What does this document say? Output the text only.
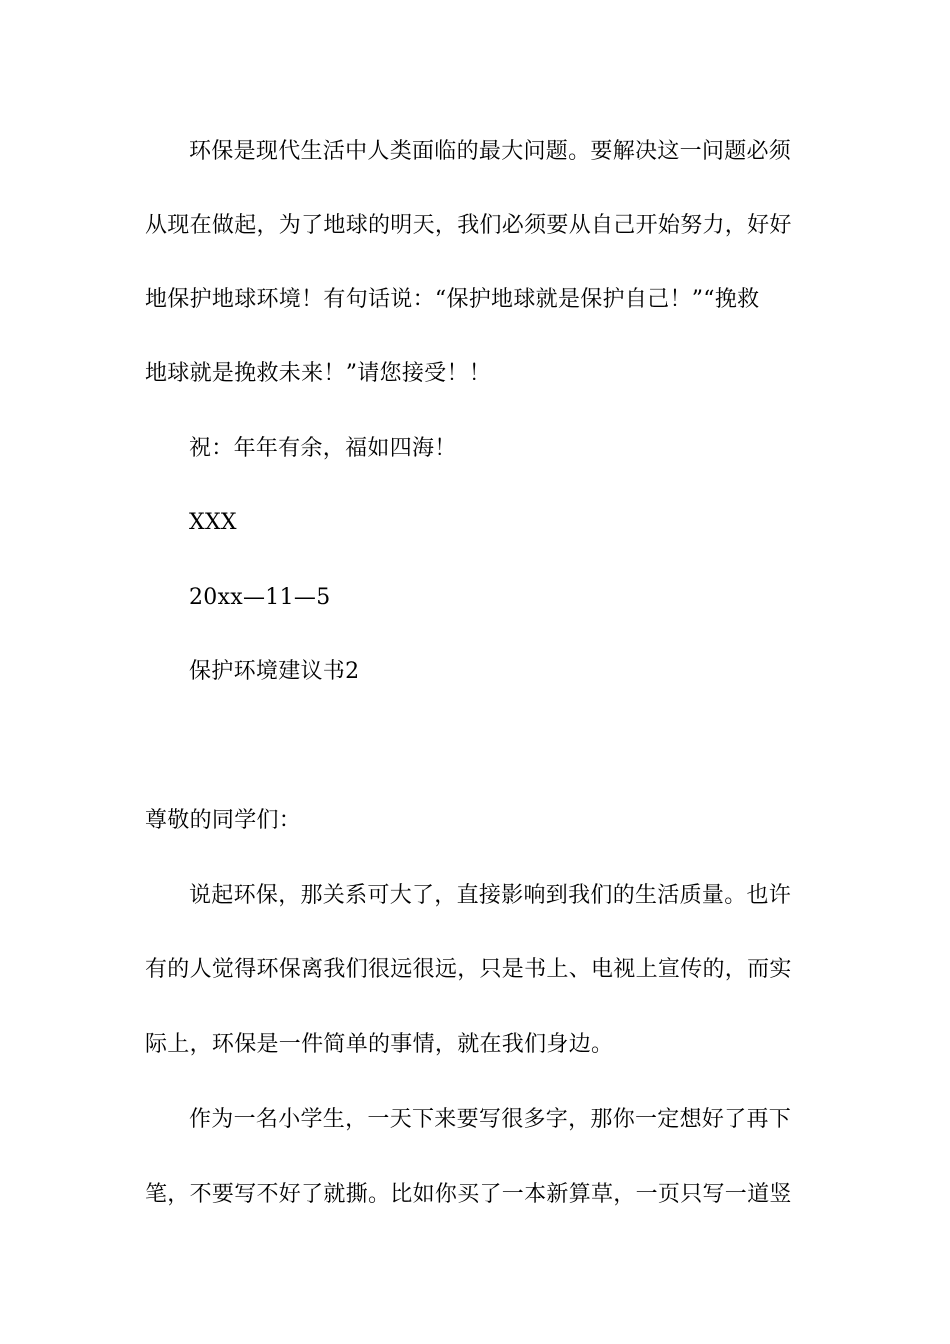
环保是现代生活中人类面临的最大问题。要解决这一问题必须
从现在做起，为了地球的明天，我们必须要从自己开始努力，好好
地保护地球环境！有句话说：“保护地球就是保护自己！”“挽救
地球就是挽救未来！”请您接受！！
祝：年年有余，福如四海！
XXX
20xx—11—5
保护环境建议书2
尊敬的同学们：
说起环保，那关系可大了，直接影响到我们的生活质量。也许
有的人觉得环保离我们很远很远，只是书上、电视上宣传的，而实
际上，环保是一件简单的事情，就在我们身边。
作为一名小学生，一天下来要写很多字，那你一定想好了再下
笔，不要写不好了就撕。比如你买了一本新算草，一页只写一道竖
